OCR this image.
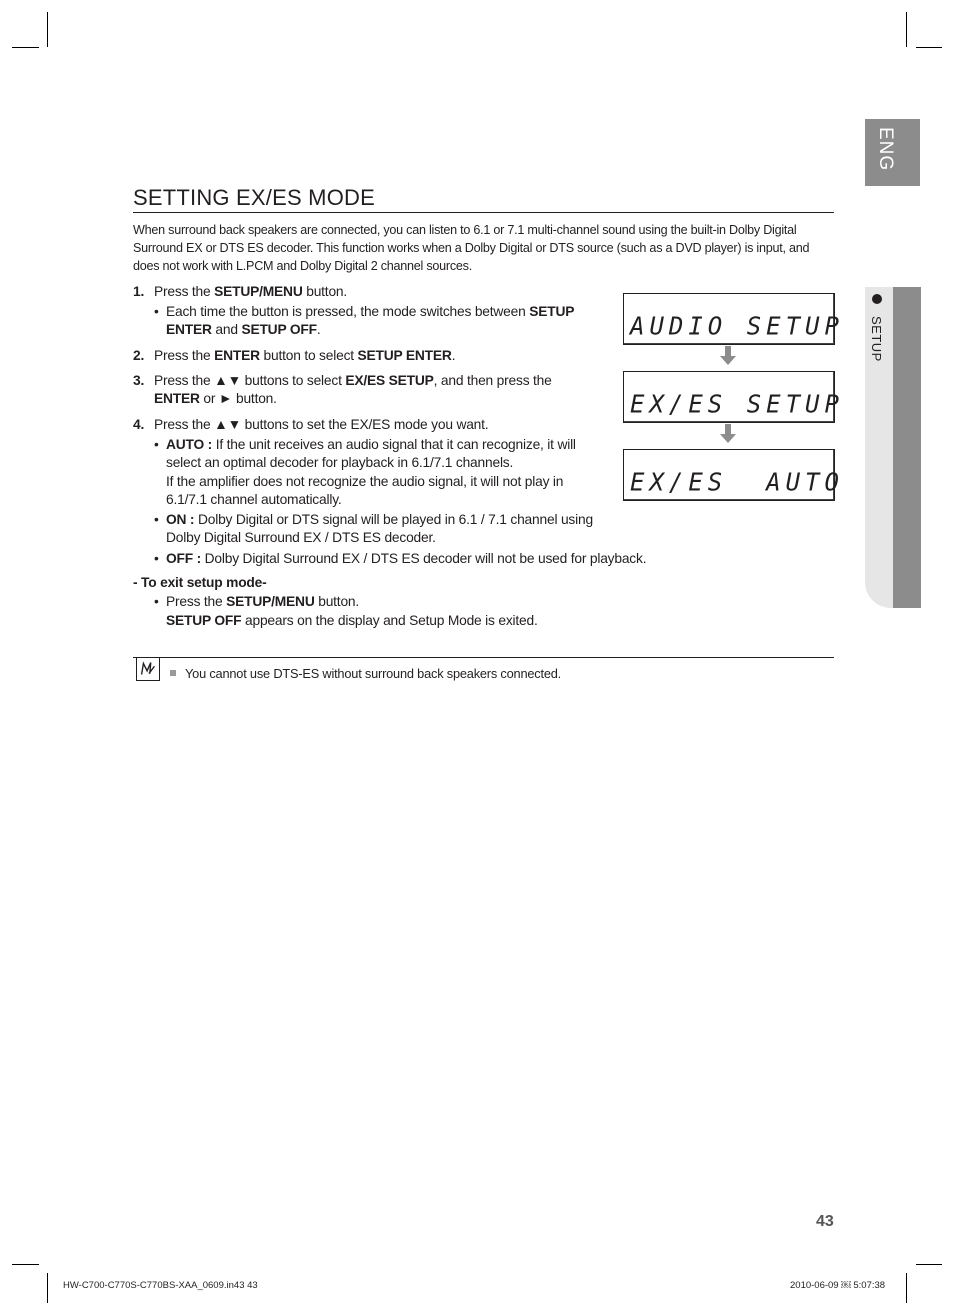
ENG
SETUP
SETTING EX/ES MODE

When surround back speakers are connected, you can listen to 6.1 or 7.1 multi-channel sound using the built-in Dolby Digital Surround EX or DTS ES decoder. This function works when a Dolby Digital or DTS source (such as a DVD player) is input, and does not work with L.PCM and Dolby Digital 2 channel sources.

1. Press the SETUP/MENU button.
• Each time the button is pressed, the mode switches between SETUP
ENTER and SETUP OFF.
2. Press the ENTER button to select SETUP ENTER.
3. Press the ▲▼ buttons to select EX/ES SETUP, and then press the
ENTER or ► button.
4. Press the ▲▼ buttons to set the EX/ES mode you want.
• AUTO : If the unit receives an audio signal that it can recognize, it will
select an optimal decoder for playback in 6.1/7.1 channels.
If the amplifier does not recognize the audio signal, it will not play in
6.1/7.1 channel automatically.
• ON : Dolby Digital or DTS signal will be played in 6.1 / 7.1 channel using
Dolby Digital Surround EX / DTS ES decoder.
• OFF : Dolby Digital Surround EX / DTS ES decoder will not be used for playback.
- To exit setup mode-
• Press the SETUP/MENU button.
SETUP OFF appears on the display and Setup Mode is exited.
AUDIO SETUP
EX/ES SETUP
EX/ES  AUTO
You cannot use DTS-ES without surround back speakers connected.
43
HW-C700-C770S-C770BS-XAA_0609.in43 43	2010-06-09 ￼ 5:07:38
